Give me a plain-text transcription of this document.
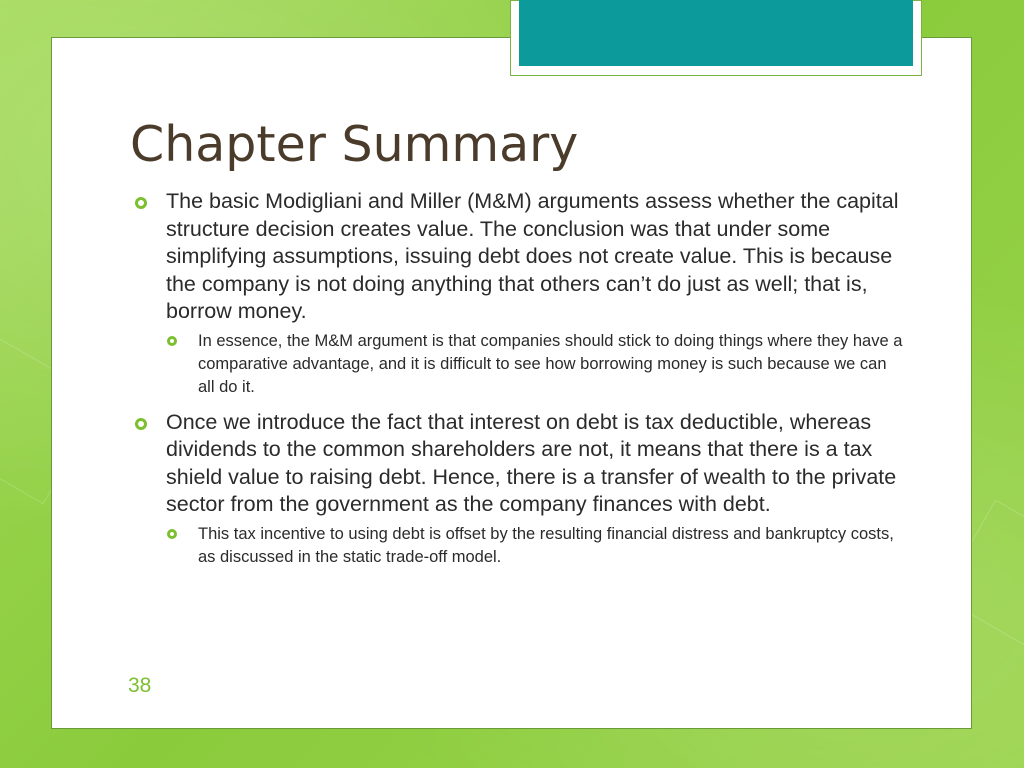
Chapter Summary
The basic Modigliani and Miller (M&M) arguments assess whether the capital structure decision creates value. The conclusion was that under some simplifying assumptions, issuing debt does not create value. This is because the company is not doing anything that others can’t do just as well; that is, borrow money.
In essence, the M&M argument is that companies should stick to doing things where they have a comparative advantage, and it is difficult to see how borrowing money is such because we can all do it.
Once we introduce the fact that interest on debt is tax deductible, whereas dividends to the common shareholders are not, it means that there is a tax shield value to raising debt. Hence, there is a transfer of wealth to the private sector from the government as the company finances with debt.
This tax incentive to using debt is offset by the resulting financial distress and bankruptcy costs, as discussed in the static trade-off model.
38
